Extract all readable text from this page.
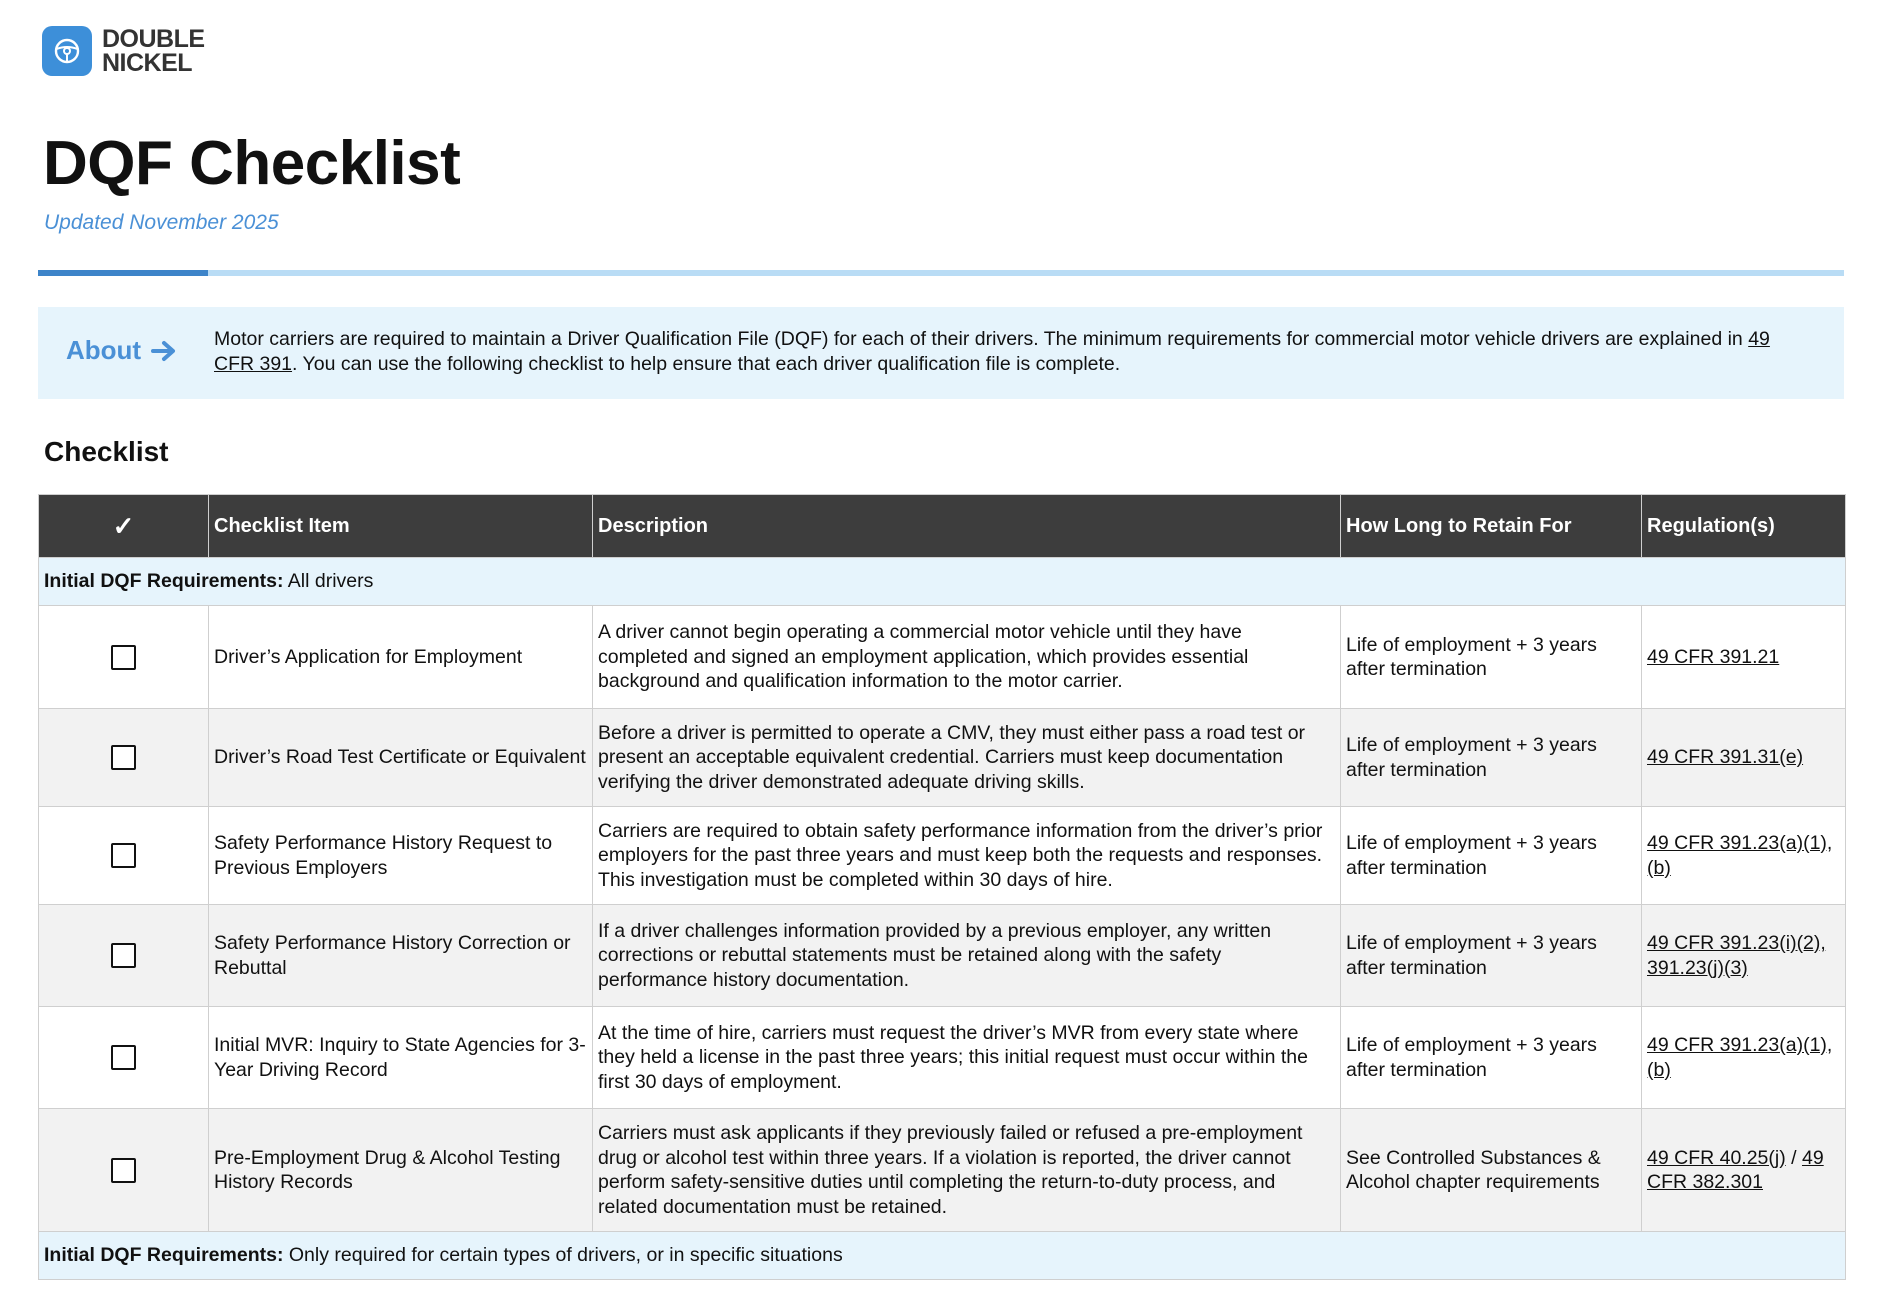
DOUBLE
NICKEL
DQF Checklist
Updated November 2025
About	Motor carriers are required to maintain a Driver Qualification File (DQF) for each of their drivers. The minimum requirements for commercial motor vehicle drivers are explained in 49 CFR 391. You can use the following checklist to help ensure that each driver qualification file is complete.
Checklist
✓	Checklist Item	Description	How Long to Retain For	Regulation(s)
Initial DQF Requirements: All drivers				
	Driver’s Application for Employment	A driver cannot begin operating a commercial motor vehicle until they have completed and signed an employment application, which provides essential background and qualification information to the motor carrier.	Life of employment + 3 years after termination	49 CFR 391.21
	Driver’s Road Test Certificate or Equivalent	Before a driver is permitted to operate a CMV, they must either pass a road test or present an acceptable equivalent credential. Carriers must keep documentation verifying the driver demonstrated adequate driving skills.	Life of employment + 3 years after termination	49 CFR 391.31(e)
	Safety Performance History Request to Previous Employers	Carriers are required to obtain safety performance information from the driver’s prior employers for the past three years and must keep both the requests and responses. This investigation must be completed within 30 days of hire.	Life of employment + 3 years after termination	49 CFR 391.23(a)(1), (b)
	Safety Performance History Correction or Rebuttal	If a driver challenges information provided by a previous employer, any written corrections or rebuttal statements must be retained along with the safety performance history documentation.	Life of employment + 3 years after termination	49 CFR 391.23(i)(2), 391.23(j)(3)
	Initial MVR: Inquiry to State Agencies for 3-Year Driving Record	At the time of hire, carriers must request the driver’s MVR from every state where they held a license in the past three years; this initial request must occur within the first 30 days of employment.	Life of employment + 3 years after termination	49 CFR 391.23(a)(1), (b)
	Pre-Employment Drug & Alcohol Testing History Records	Carriers must ask applicants if they previously failed or refused a pre-employment drug or alcohol test within three years. If a violation is reported, the driver cannot perform safety-sensitive duties until completing the return-to-duty process, and related documentation must be retained.	See Controlled Substances & Alcohol chapter requirements	49 CFR 40.25(j) / 49 CFR 382.301
Initial DQF Requirements: Only required for certain types of drivers, or in specific situations				
